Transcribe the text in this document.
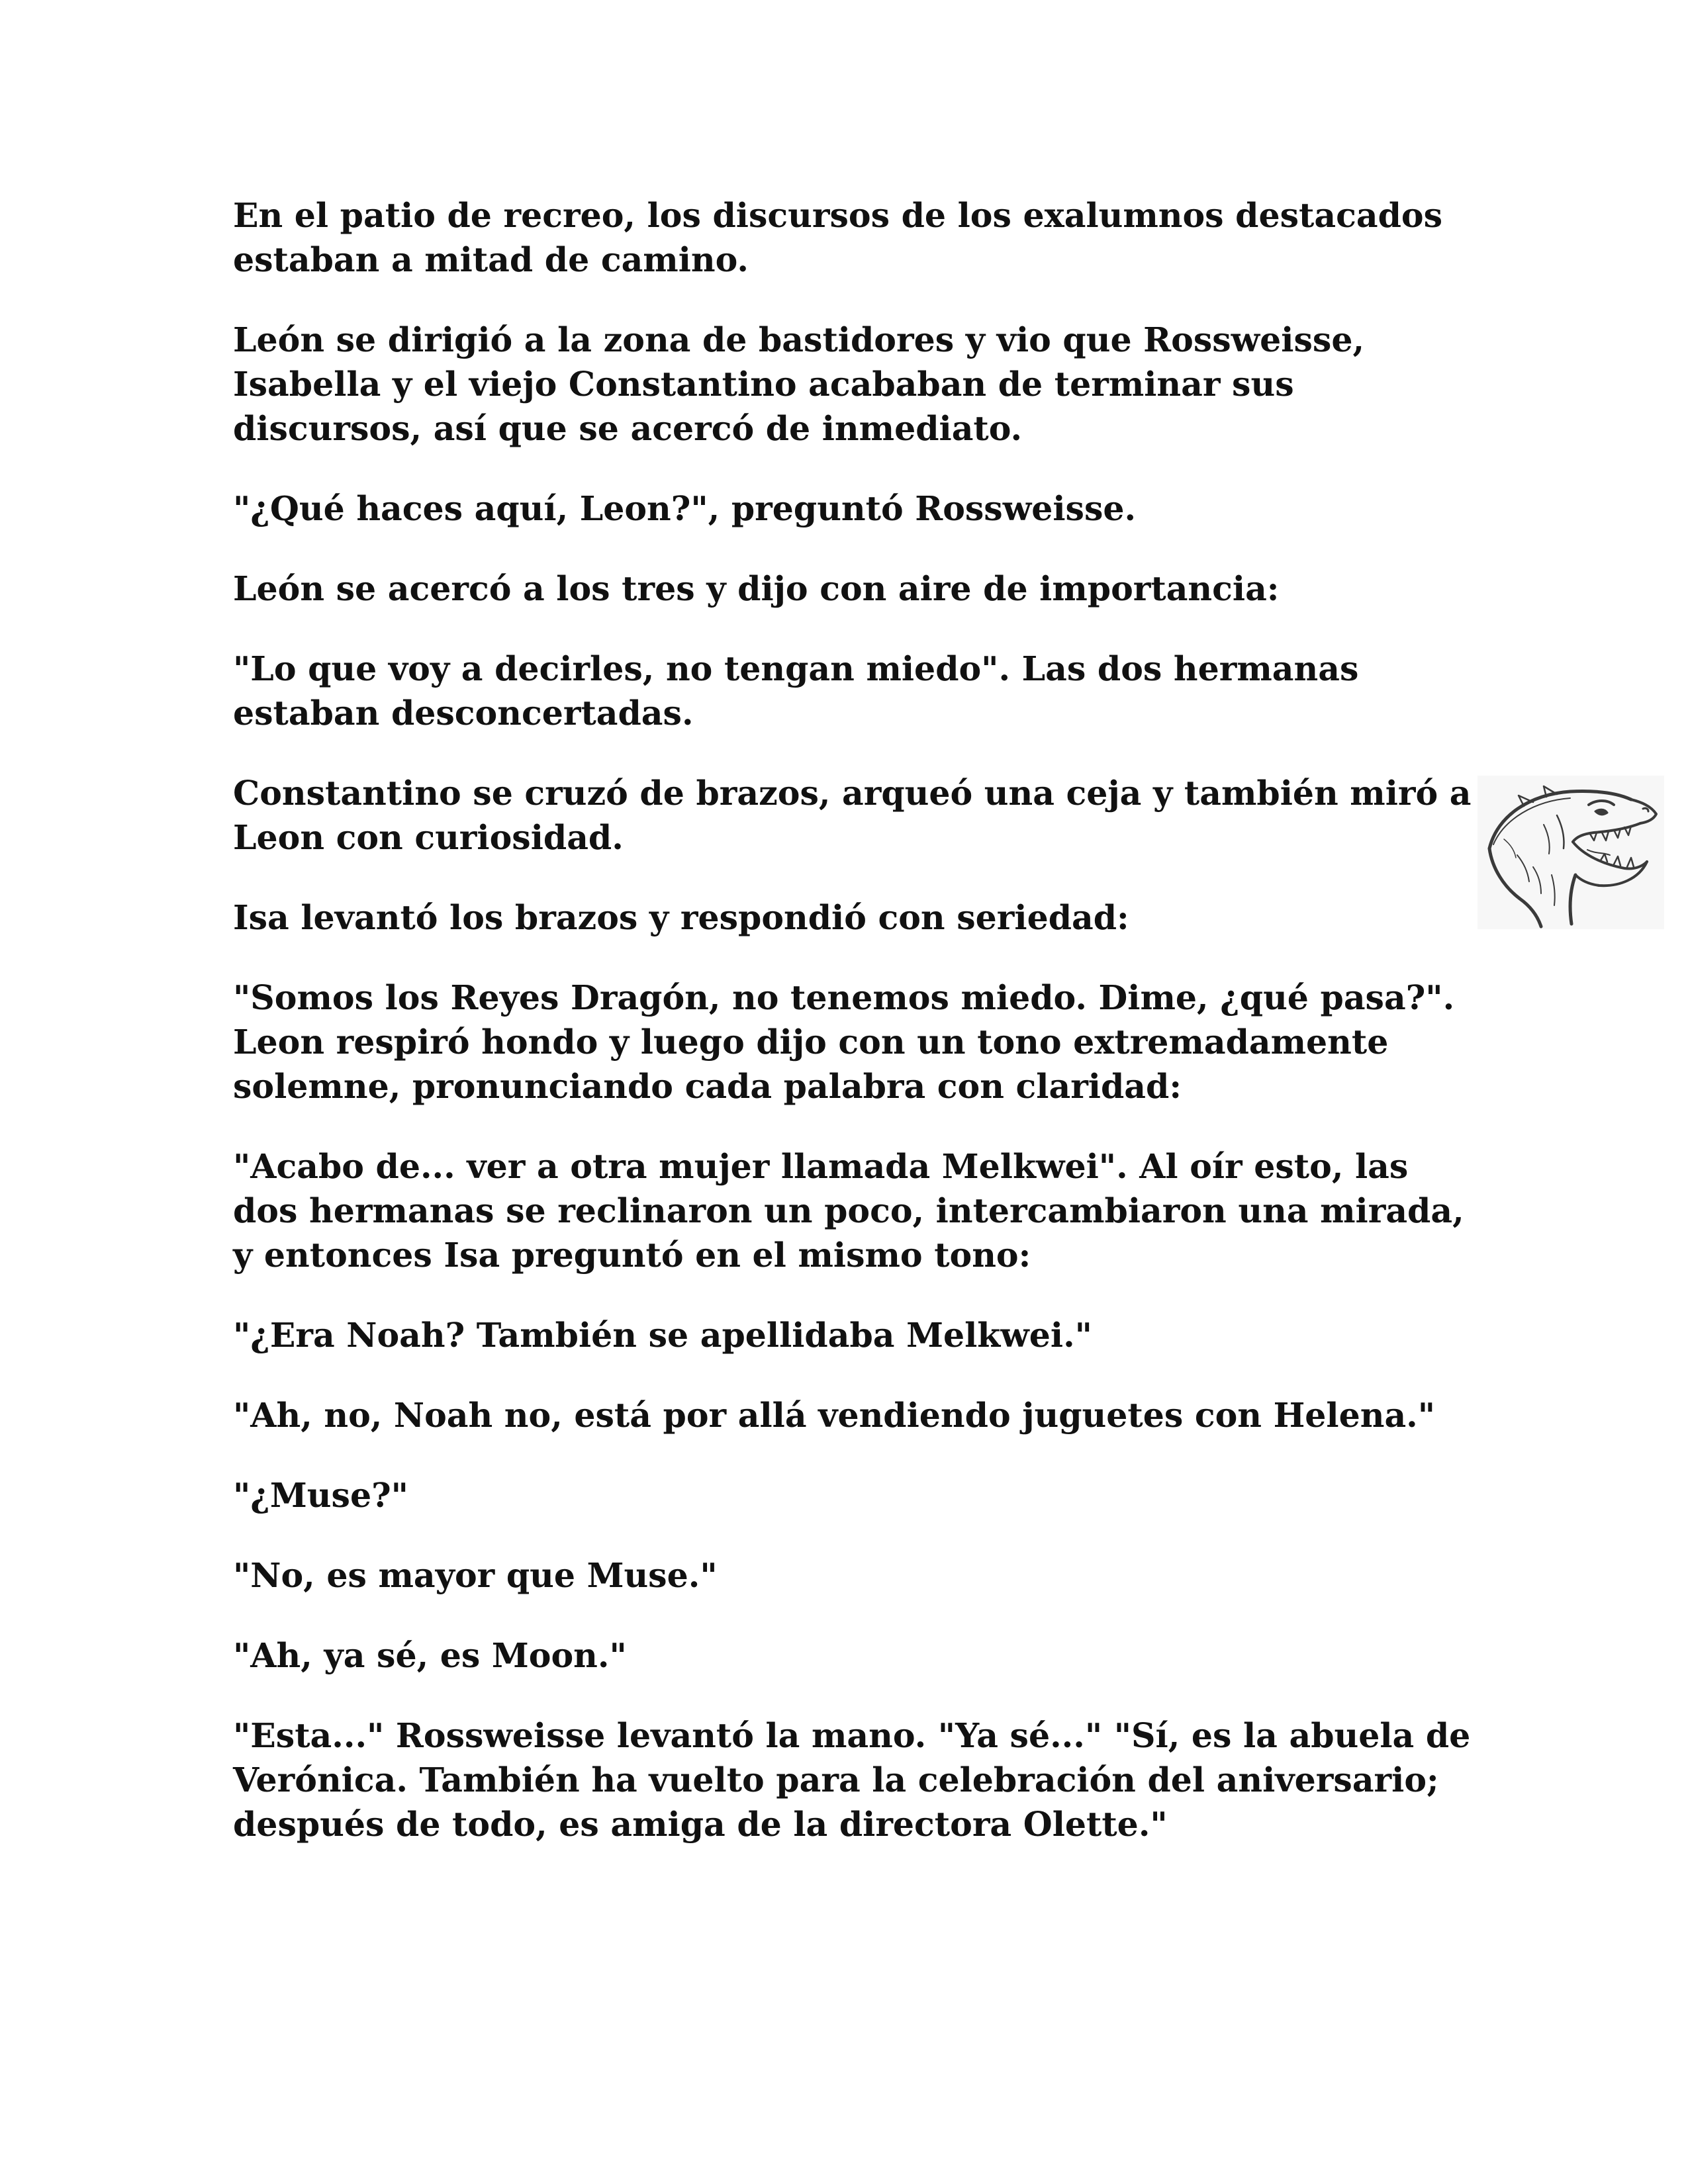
En el patio de recreo, los discursos de los exalumnos destacados estaban a mitad de camino.

León se dirigió a la zona de bastidores y vio que Rossweisse, Isabella y el viejo Constantino acababan de terminar sus discursos, así que se acercó de inmediato.

"¿Qué haces aquí, Leon?", preguntó Rossweisse.

León se acercó a los tres y dijo con aire de importancia:

"Lo que voy a decirles, no tengan miedo". Las dos hermanas estaban desconcertadas.

Constantino se cruzó de brazos, arqueó una ceja y también miró a Leon con curiosidad.

Isa levantó los brazos y respondió con seriedad:

"Somos los Reyes Dragón, no tenemos miedo. Dime, ¿qué pasa?". Leon respiró hondo y luego dijo con un tono extremadamente solemne, pronunciando cada palabra con claridad:

"Acabo de... ver a otra mujer llamada Melkwei". Al oír esto, las dos hermanas se reclinaron un poco, intercambiaron una mirada, y entonces Isa preguntó en el mismo tono:

"¿Era Noah? También se apellidaba Melkwei."

"Ah, no, Noah no, está por allá vendiendo juguetes con Helena."

"¿Muse?"

"No, es mayor que Muse."

"Ah, ya sé, es Moon."

"Esta..." Rossweisse levantó la mano. "Ya sé..." "Sí, es la abuela de Verónica. También ha vuelto para la celebración del aniversario; después de todo, es amiga de la directora Olette."
